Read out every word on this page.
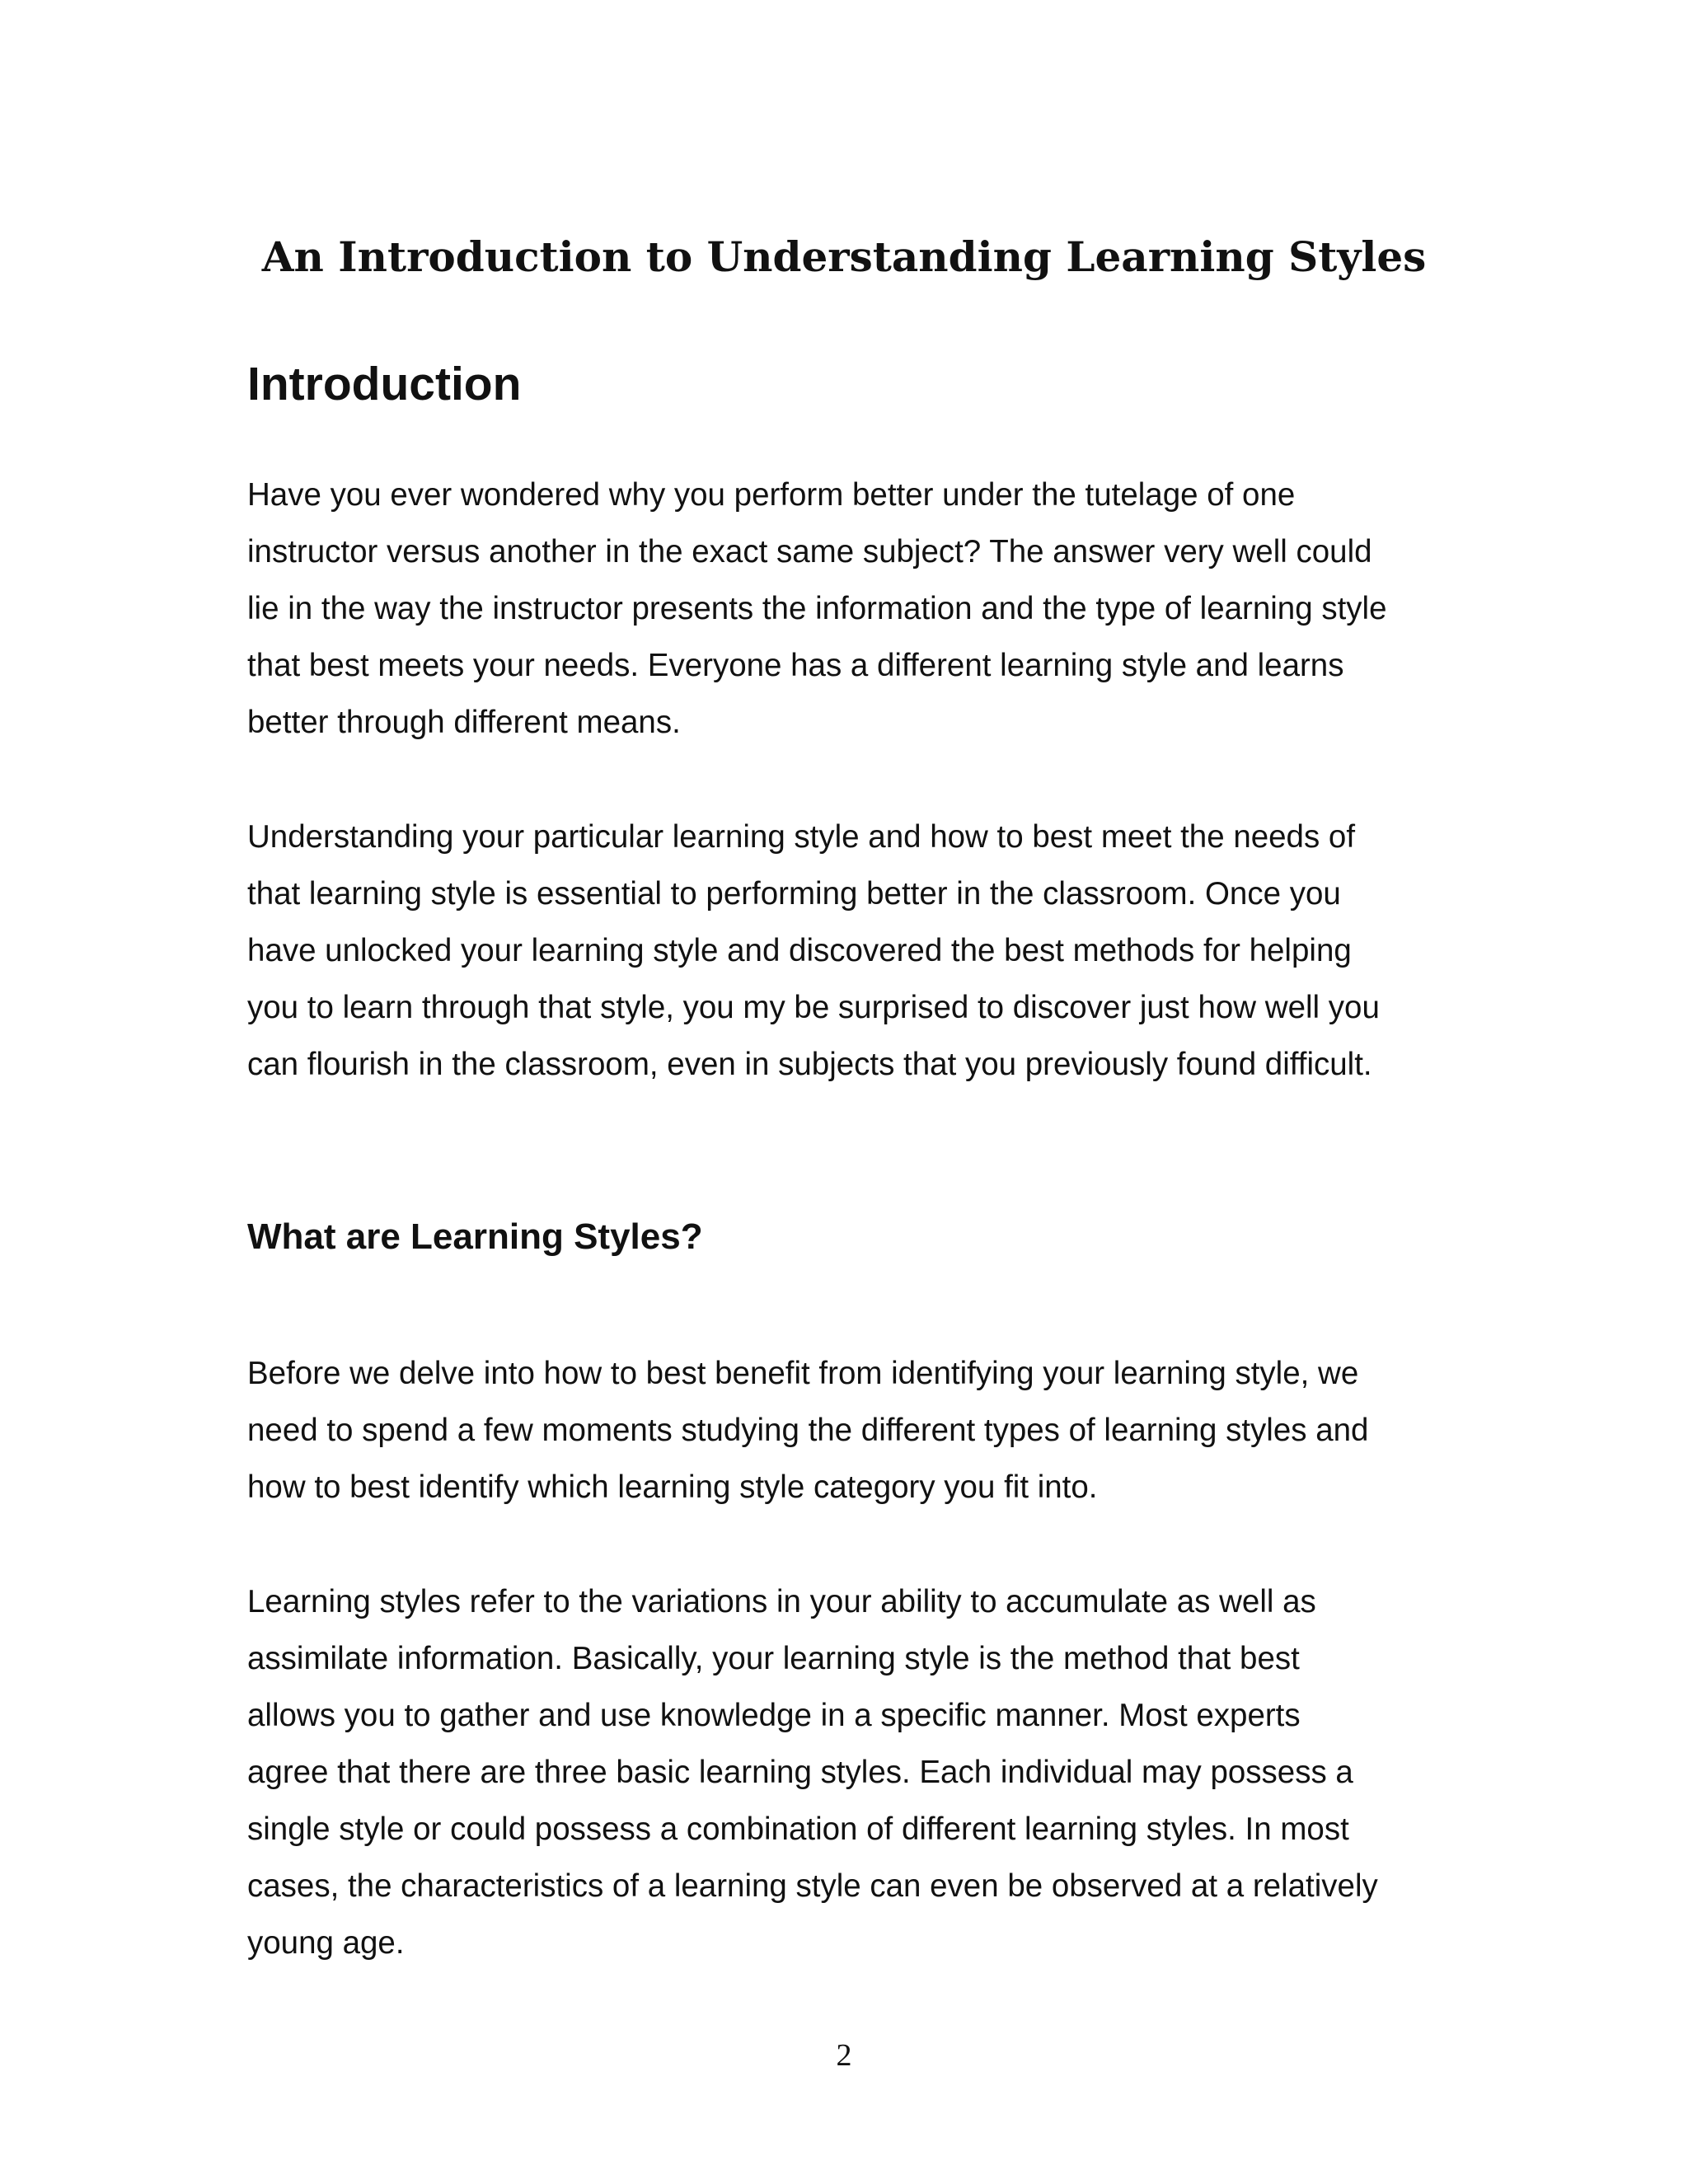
An Introduction to Understanding Learning Styles
Introduction

Have you ever wondered why you perform better under the tutelage of one
instructor versus another in the exact same subject? The answer very well could
lie in the way the instructor presents the information and the type of learning style
that best meets your needs. Everyone has a different learning style and learns
better through different means.

Understanding your particular learning style and how to best meet the needs of
that learning style is essential to performing better in the classroom. Once you
have unlocked your learning style and discovered the best methods for helping
you to learn through that style, you my be surprised to discover just how well you
can flourish in the classroom, even in subjects that you previously found difficult.

What are Learning Styles?

Before we delve into how to best benefit from identifying your learning style, we
need to spend a few moments studying the different types of learning styles and
how to best identify which learning style category you fit into.

Learning styles refer to the variations in your ability to accumulate as well as
assimilate information. Basically, your learning style is the method that best
allows you to gather and use knowledge in a specific manner. Most experts
agree that there are three basic learning styles. Each individual may possess a
single style or could possess a combination of different learning styles. In most
cases, the characteristics of a learning style can even be observed at a relatively
young age.

2
